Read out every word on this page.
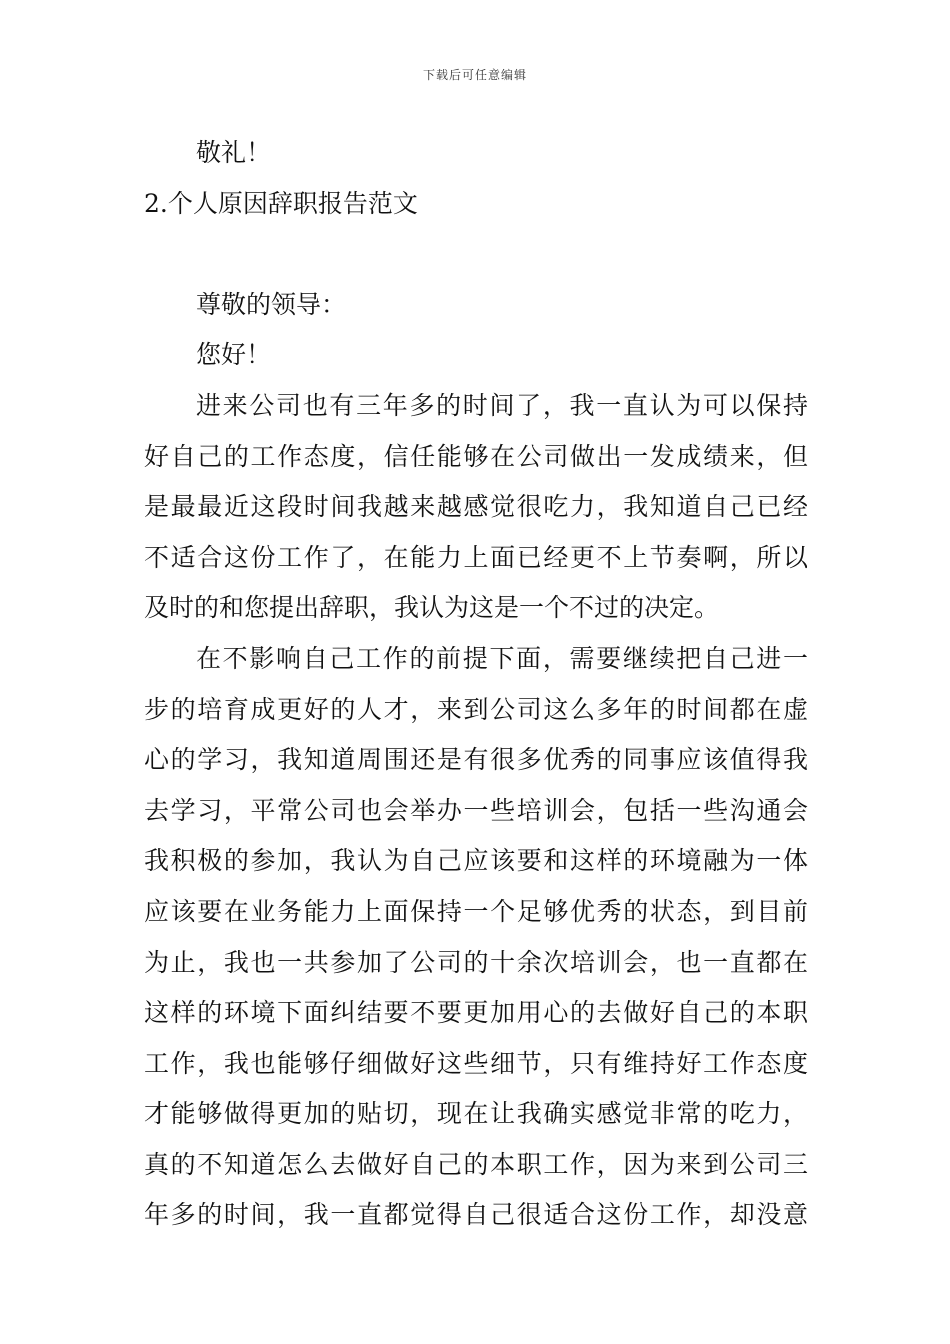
下载后可任意编辑
敬礼！
2.个人原因辞职报告范文
尊敬的领导：
您好！
进来公司也有三年多的时间了，我一直认为可以保持
好自己的工作态度，信任能够在公司做出一发成绩来，但
是最最近这段时间我越来越感觉很吃力，我知道自己已经
不适合这份工作了，在能力上面已经更不上节奏啊，所以
及时的和您提出辞职，我认为这是一个不过的决定。
在不影响自己工作的前提下面，需要继续把自己进一
步的培育成更好的人才，来到公司这么多年的时间都在虚
心的学习，我知道周围还是有很多优秀的同事应该值得我
去学习，平常公司也会举办一些培训会，包括一些沟通会
我积极的参加，我认为自己应该要和这样的环境融为一体
应该要在业务能力上面保持一个足够优秀的状态，到目前
为止，我也一共参加了公司的十余次培训会，也一直都在
这样的环境下面纠结要不要更加用心的去做好自己的本职
工作，我也能够仔细做好这些细节，只有维持好工作态度
才能够做得更加的贴切，现在让我确实感觉非常的吃力，
真的不知道怎么去做好自己的本职工作，因为来到公司三
年多的时间，我一直都觉得自己很适合这份工作，却没意
